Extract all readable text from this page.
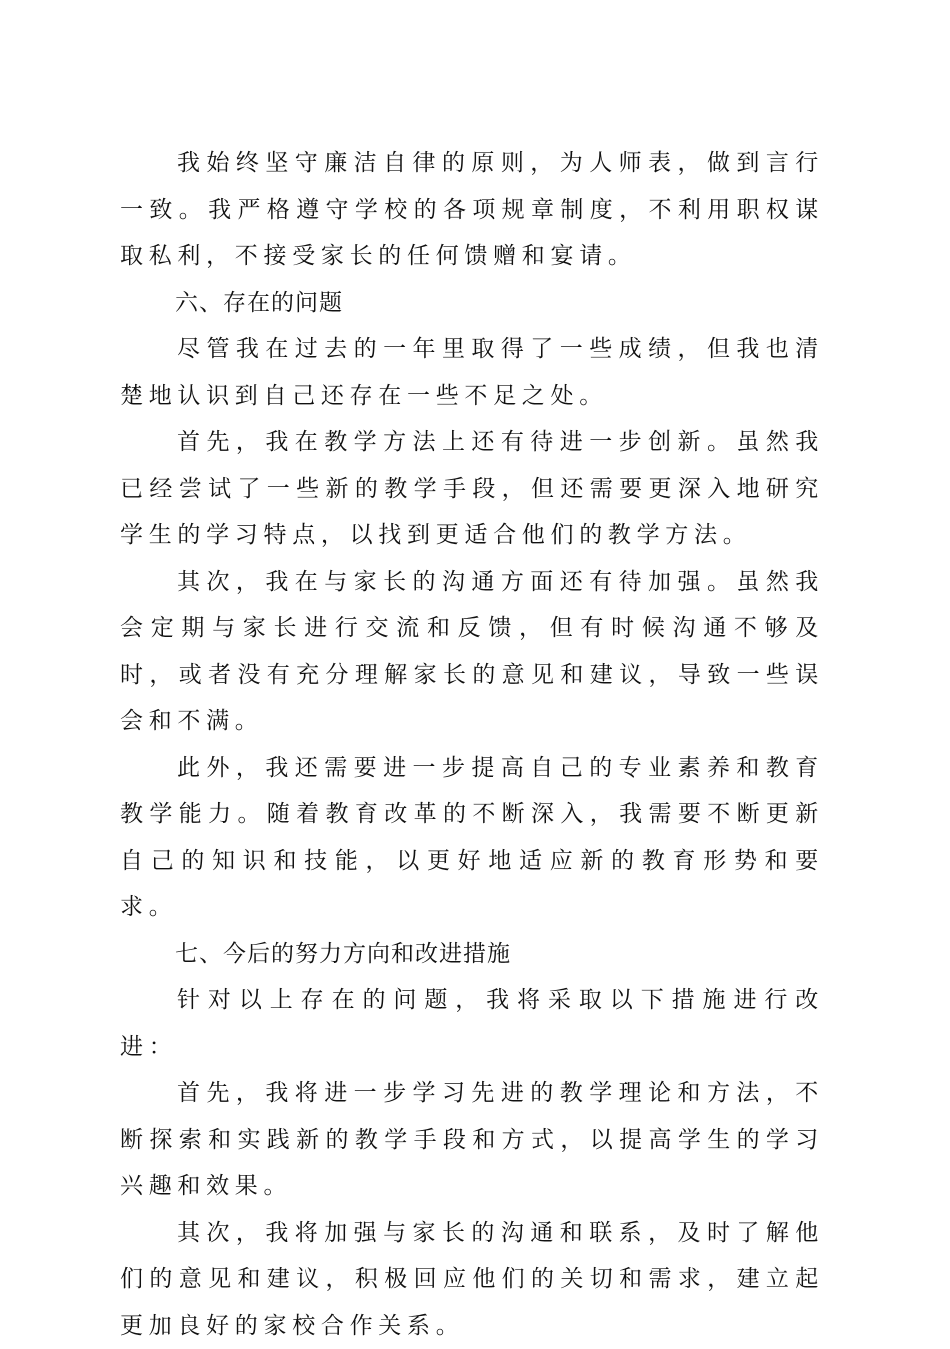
我始终坚守廉洁自律的原则，为人师表，做到言行一致。我严格遵守学校的各项规章制度，不利用职权谋取私利，不接受家长的任何馈赠和宴请。

六、存在的问题

尽管我在过去的一年里取得了一些成绩，但我也清楚地认识到自己还存在一些不足之处。

首先，我在教学方法上还有待进一步创新。虽然我已经尝试了一些新的教学手段，但还需要更深入地研究学生的学习特点，以找到更适合他们的教学方法。

其次，我在与家长的沟通方面还有待加强。虽然我会定期与家长进行交流和反馈，但有时候沟通不够及时，或者没有充分理解家长的意见和建议，导致一些误会和不满。

此外，我还需要进一步提高自己的专业素养和教育教学能力。随着教育改革的不断深入，我需要不断更新自己的知识和技能，以更好地适应新的教育形势和要求。

七、今后的努力方向和改进措施

针对以上存在的问题，我将采取以下措施进行改进：

首先，我将进一步学习先进的教学理论和方法，不断探索和实践新的教学手段和方式，以提高学生的学习兴趣和效果。

其次，我将加强与家长的沟通和联系，及时了解他们的意见和建议，积极回应他们的关切和需求，建立起更加良好的家校合作关系。
